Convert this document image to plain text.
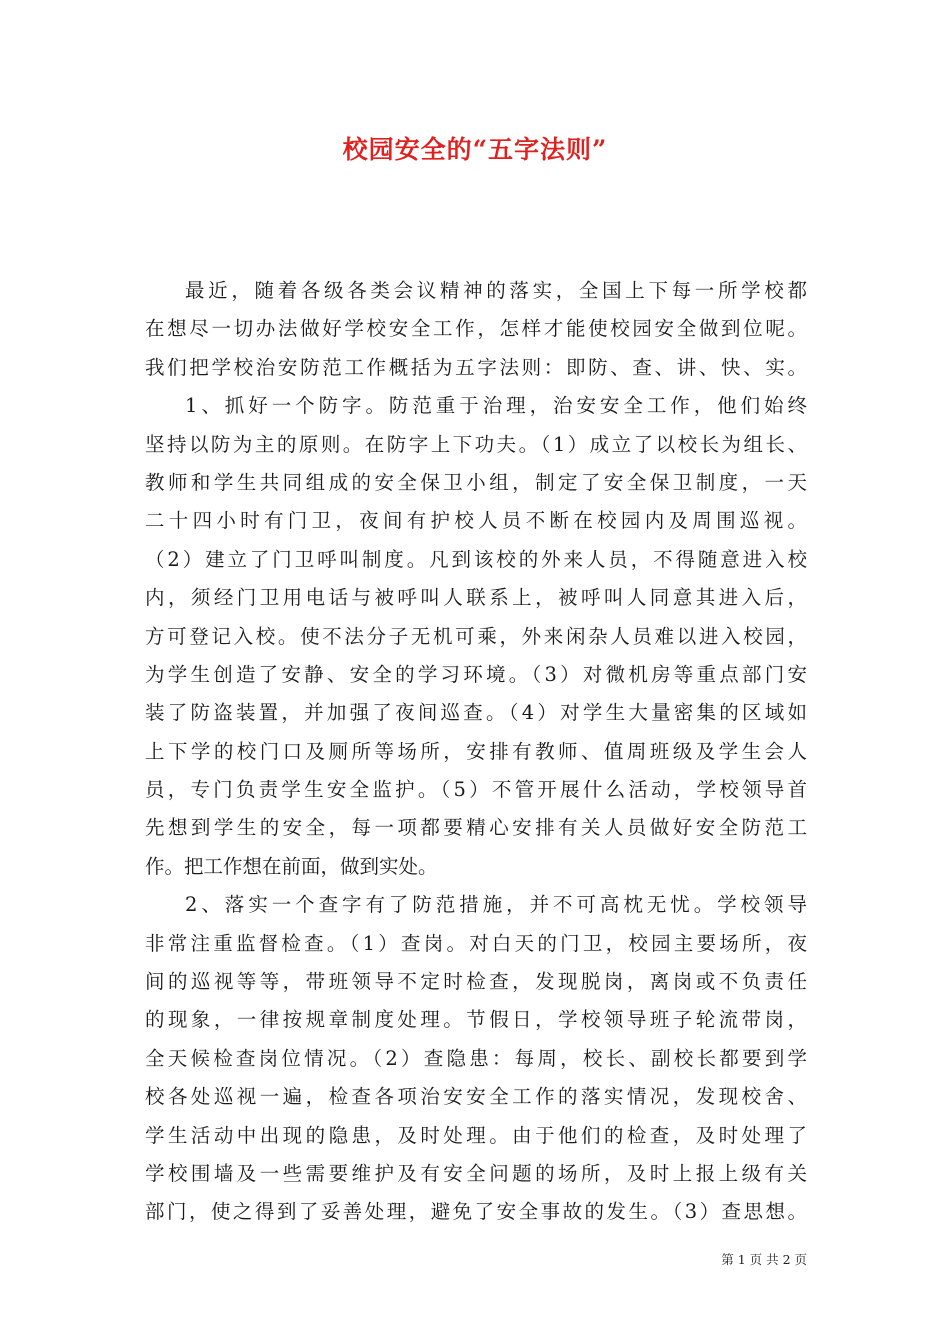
校园安全的“五字法则”
最近，随着各级各类会议精神的落实，全国上下每一所学校都
在想尽一切办法做好学校安全工作，怎样才能使校园安全做到位呢。
我们把学校治安防范工作概括为五字法则：即防、查、讲、快、实。
1、抓好一个防字。防范重于治理，治安安全工作，他们始终
坚持以防为主的原则。在防字上下功夫。（1）成立了以校长为组长、
教师和学生共同组成的安全保卫小组，制定了安全保卫制度，一天
二十四小时有门卫，夜间有护校人员不断在校园内及周围巡视。
（2）建立了门卫呼叫制度。凡到该校的外来人员，不得随意进入校
内，须经门卫用电话与被呼叫人联系上，被呼叫人同意其进入后，
方可登记入校。使不法分子无机可乘，外来闲杂人员难以进入校园，
为学生创造了安静、安全的学习环境。（3）对微机房等重点部门安
装了防盗装置，并加强了夜间巡查。（4）对学生大量密集的区域如
上下学的校门口及厕所等场所，安排有教师、值周班级及学生会人
员，专门负责学生安全监护。（5）不管开展什么活动，学校领导首
先想到学生的安全，每一项都要精心安排有关人员做好安全防范工
作。把工作想在前面，做到实处。
2、落实一个查字有了防范措施，并不可高枕无忧。学校领导
非常注重监督检查。（1）查岗。对白天的门卫，校园主要场所，夜
间的巡视等等，带班领导不定时检查，发现脱岗，离岗或不负责任
的现象，一律按规章制度处理。节假日，学校领导班子轮流带岗，
全天候检查岗位情况。（2）查隐患：每周，校长、副校长都要到学
校各处巡视一遍，检查各项治安安全工作的落实情况，发现校舍、
学生活动中出现的隐患，及时处理。由于他们的检查，及时处理了
学校围墙及一些需要维护及有安全问题的场所，及时上报上级有关
部门，使之得到了妥善处理，避免了安全事故的发生。（3）查思想。
第 1 页 共 2 页
